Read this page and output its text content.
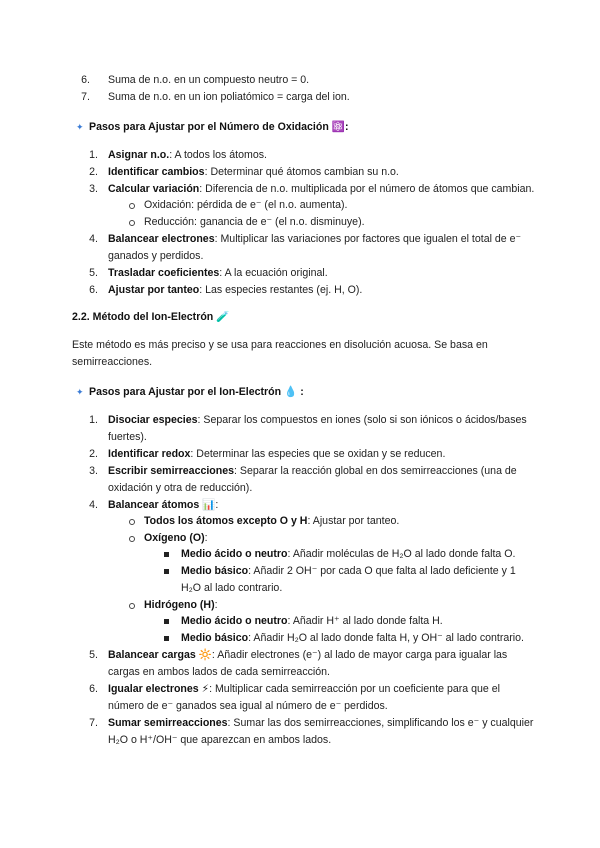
6. Suma de n.o. en un compuesto neutro = 0.
7. Suma de n.o. en un ion poliatómico = carga del ion.
✦ Pasos para Ajustar por el Número de Oxidación ⚛️:
1. Asignar n.o.: A todos los átomos.
2. Identificar cambios: Determinar qué átomos cambian su n.o.
3. Calcular variación: Diferencia de n.o. multiplicada por el número de átomos que cambian.
Oxidación: pérdida de e⁻ (el n.o. aumenta).
Reducción: ganancia de e⁻ (el n.o. disminuye).
4. Balancear electrones: Multiplicar las variaciones por factores que igualen el total de e⁻
ganados y perdidos.
5. Trasladar coeficientes: A la ecuación original.
6. Ajustar por tanteo: Las especies restantes (ej. H, O).
2.2. Método del Ion-Electrón 🧪
Este método es más preciso y se usa para reacciones en disolución acuosa. Se basa en
semirreacciones.
✦ Pasos para Ajustar por el Ion-Electrón 💧 :
1. Disociar especies: Separar los compuestos en iones (solo si son iónicos o ácidos/bases
fuertes).
2. Identificar redox: Determinar las especies que se oxidan y se reducen.
3. Escribir semirreacciones: Separar la reacción global en dos semirreacciones (una de
oxidación y otra de reducción).
4. Balancear átomos 📊:
Todos los átomos excepto O y H: Ajustar por tanteo.
Oxígeno (O):
Medio ácido o neutro: Añadir moléculas de H₂O al lado donde falta O.
Medio básico: Añadir 2 OH⁻ por cada O que falta al lado deficiente y 1
H₂O al lado contrario.
Hidrógeno (H):
Medio ácido o neutro: Añadir H⁺ al lado donde falta H.
Medio básico: Añadir H₂O al lado donde falta H, y OH⁻ al lado contrario.
5. Balancear cargas 🔆: Añadir electrones (e⁻) al lado de mayor carga para igualar las
cargas en ambos lados de cada semirreacción.
6. Igualar electrones ⚡: Multiplicar cada semirreacción por un coeficiente para que el
número de e⁻ ganados sea igual al número de e⁻ perdidos.
7. Sumar semirreacciones: Sumar las dos semirreacciones, simplificando los e⁻ y cualquier
H₂O o H⁺/OH⁻ que aparezcan en ambos lados.
